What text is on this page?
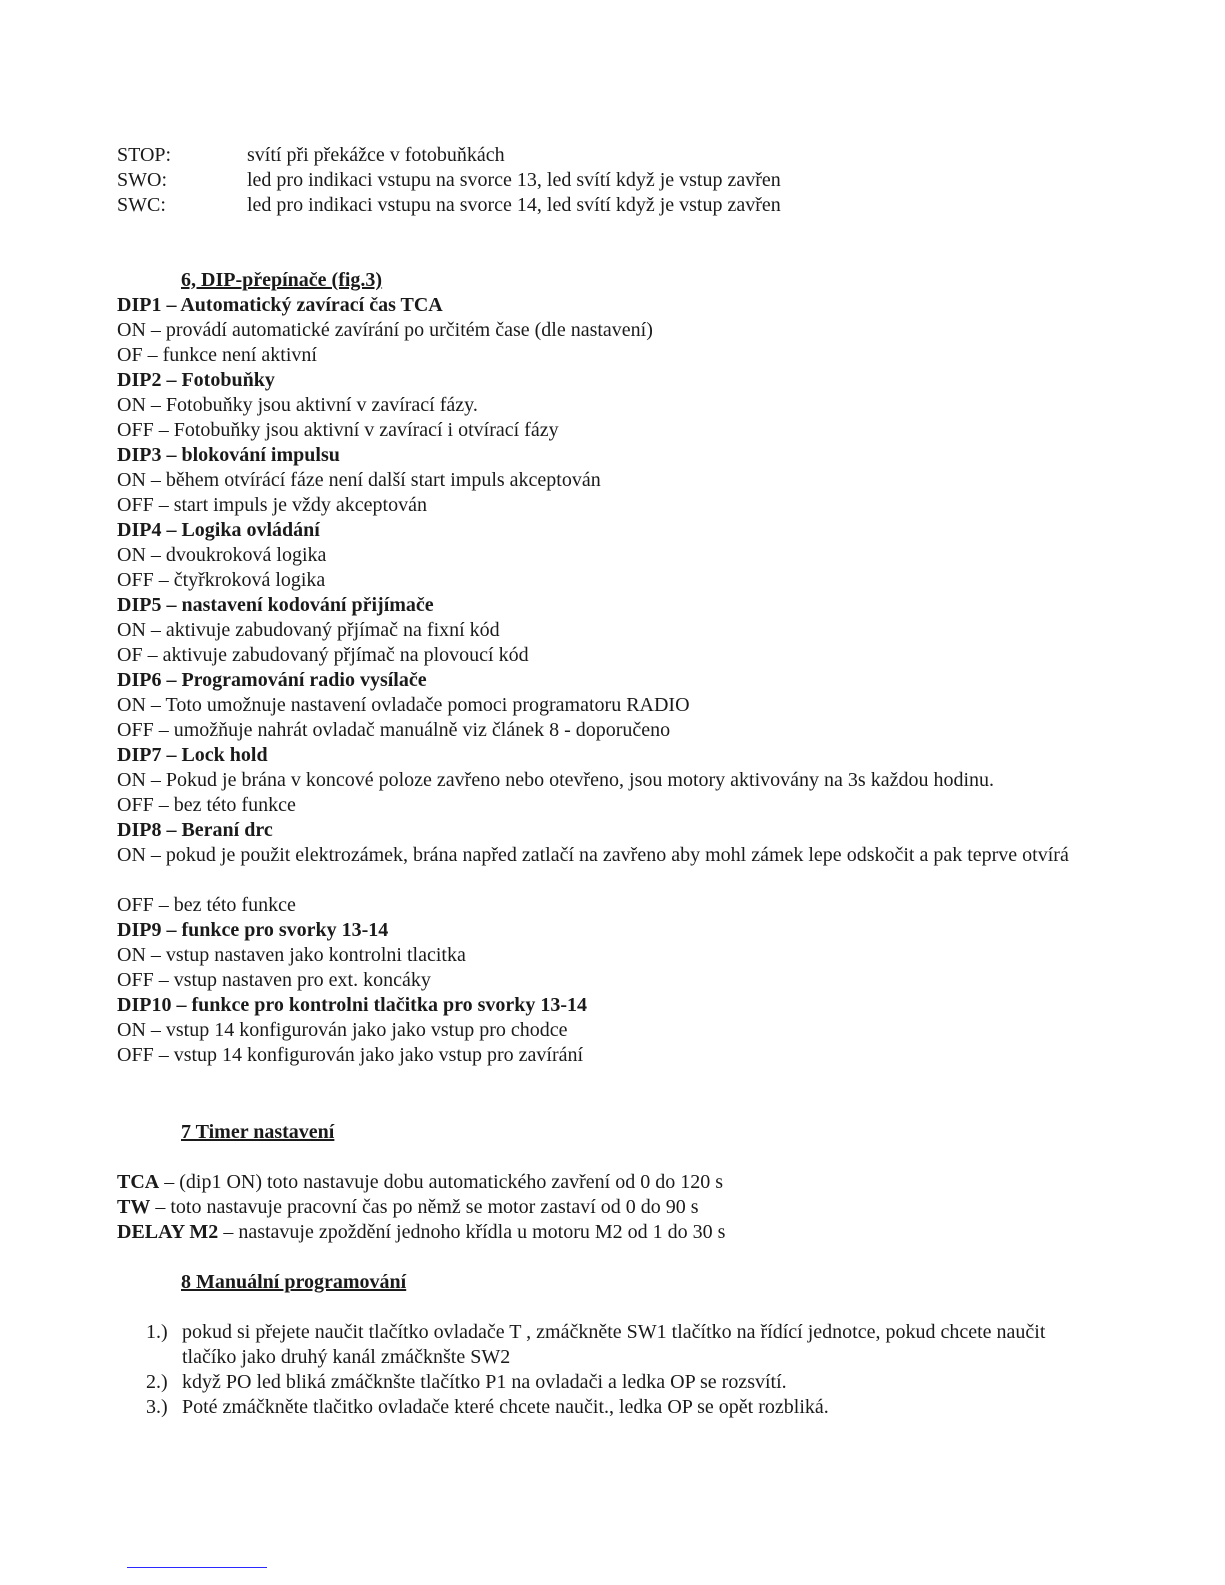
STOP:	svítí při překážce v fotobuňkách
SWO:	led pro indikaci vstupu na svorce 13, led svítí když je vstup zavřen
SWC:	led pro indikaci vstupu na svorce 14, led svítí když je vstup zavřen
6, DIP-přepínače (fig.3)
DIP1 – Automatický zavírací čas TCA
ON – provádí automatické zavírání po určitém čase (dle nastavení)
OF – funkce není aktivní
DIP2 – Fotobuňky
ON – Fotobuňky jsou aktivní v zavírací fázy.
OFF – Fotobuňky jsou aktivní v zavírací i otvírací fázy
DIP3 – blokování impulsu
ON – během otvírácí fáze není další start impuls akceptován
OFF – start impuls je vždy akceptován
DIP4 – Logika ovládání
ON – dvoukroková logika
OFF – čtyřkroková logika
DIP5 – nastavení kodování přijímače
ON – aktivuje zabudovaný přjímač na fixní kód
OF – aktivuje zabudovaný přjímač na plovoucí kód
DIP6 – Programování radio vysílače
ON – Toto umožnuje nastavení ovladače pomoci programatoru RADIO
OFF – umožňuje nahrát ovladač manuálně viz článek 8 - doporučeno
DIP7 – Lock hold
ON – Pokud je brána v koncové poloze zavřeno nebo otevřeno, jsou motory aktivovány na 3s každou hodinu.
OFF – bez této funkce
DIP8 – Beraní drc
ON – pokud je použit elektrozámek, brána napřed zatlačí na zavřeno aby mohl zámek lepe odskočit a pak teprve otvírá
OFF – bez této funkce
DIP9 – funkce pro svorky 13-14
ON – vstup nastaven jako kontrolni tlacitka
OFF – vstup nastaven pro ext. koncáky
DIP10 – funkce pro kontrolni tlačitka pro svorky 13-14
ON – vstup 14 konfigurován jako jako vstup pro chodce
OFF – vstup 14 konfigurován jako jako vstup pro zavírání
7 Timer nastavení
TCA – (dip1 ON) toto nastavuje dobu automatického zavření od 0 do 120 s
TW – toto nastavuje pracovní čas po němž se motor zastaví od 0 do 90 s
DELAY M2 – nastavuje zpoždění jednoho křídla u motoru M2 od 1 do 30 s
8 Manuální programování
1.) pokud si přejete naučit tlačítko ovladače T , zmáčkněte SW1 tlačítko na řídící jednotce, pokud chcete naučit tlačíko jako druhý kanál zmáčknšte SW2
2.) když PO led bliká zmáčknšte tlačítko P1 na ovladači a ledka OP se rozsvítí.
3.) Poté zmáčkněte tlačitko ovladače které chcete naučit., ledka OP se opět rozbliká.
